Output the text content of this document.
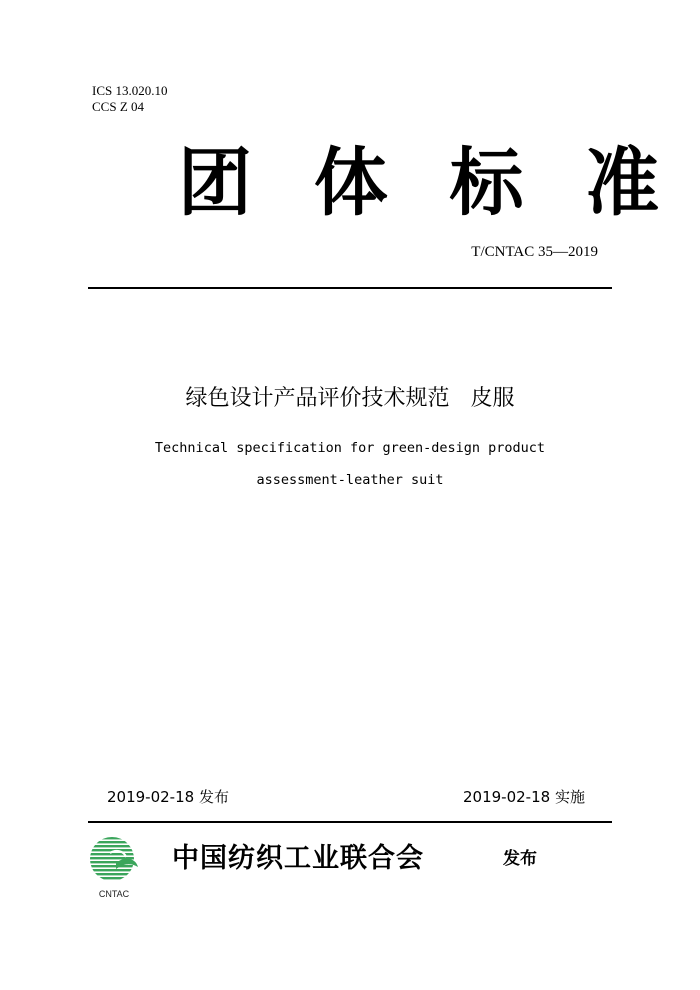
ICS 13.020.10
CCS Z 04
团 体 标 准
T/CNTAC 35—2019
绿色设计产品评价技术规范   皮服
Technical specification for green-design product
assessment-leather suit
2019-02-18 发布	2019-02-18 实施
CNTAC
中国纺织工业联合会	发布
